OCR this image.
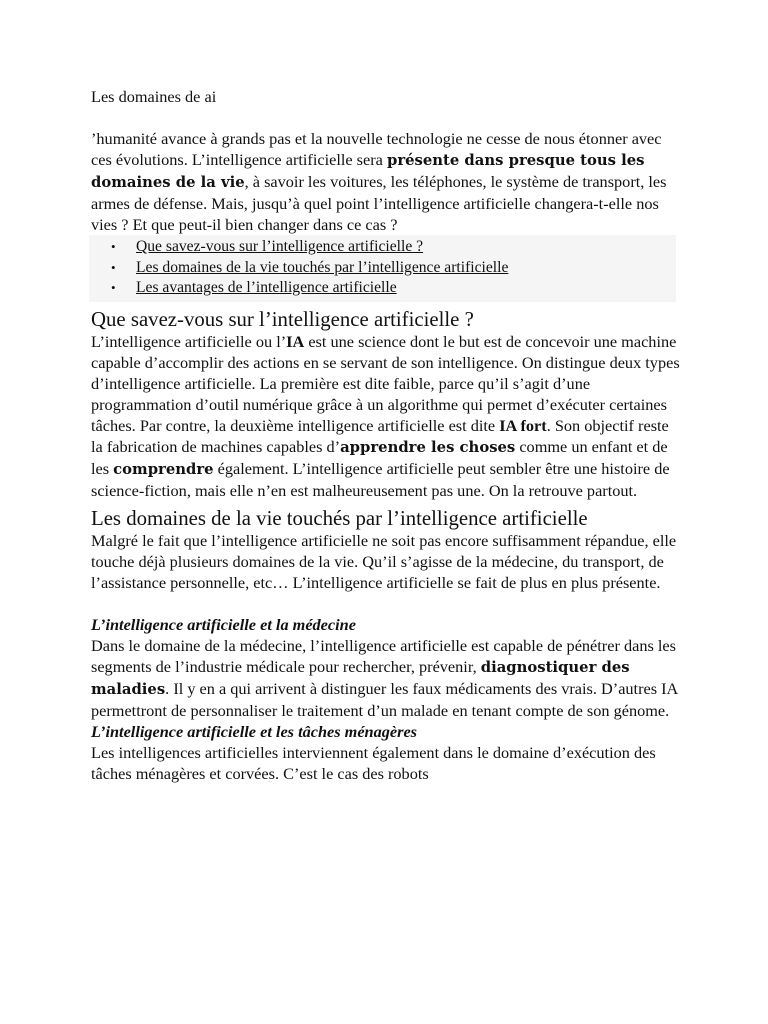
Les domaines de ai

’humanité avance à grands pas et la nouvelle technologie ne cesse de nous étonner avec ces évolutions. L’intelligence artificielle sera présente dans presque tous les domaines de la vie, à savoir les voitures, les téléphones, le système de transport, les armes de défense. Mais, jusqu’à quel point l’intelligence artificielle changera-t-elle nos vies ? Et que peut-il bien changer dans ce cas ?

• Que savez-vous sur l’intelligence artificielle ?
• Les domaines de la vie touchés par l’intelligence artificielle
• Les avantages de l’intelligence artificielle
Que savez-vous sur l’intelligence artificielle ?

L’intelligence artificielle ou l’IA est une science dont le but est de concevoir une machine capable d’accomplir des actions en se servant de son intelligence. On distingue deux types d’intelligence artificielle. La première est dite faible, parce qu’il s’agit d’une programmation d’outil numérique grâce à un algorithme qui permet d’exécuter certaines tâches. Par contre, la deuxième intelligence artificielle est dite IA fort. Son objectif reste la fabrication de machines capables d’apprendre les choses comme un enfant et de les comprendre également. L’intelligence artificielle peut sembler être une histoire de science-fiction, mais elle n’en est malheureusement pas une. On la retrouve partout.

Les domaines de la vie touchés par l’intelligence artificielle

Malgré le fait que l’intelligence artificielle ne soit pas encore suffisamment répandue, elle touche déjà plusieurs domaines de la vie. Qu’il s’agisse de la médecine, du transport, de l’assistance personnelle, etc… L’intelligence artificielle se fait de plus en plus présente.

L’intelligence artificielle et la médecine

Dans le domaine de la médecine, l’intelligence artificielle est capable de pénétrer dans les segments de l’industrie médicale pour rechercher, prévenir, diagnostiquer des maladies. Il y en a qui arrivent à distinguer les faux médicaments des vrais. D’autres IA permettront de personnaliser le traitement d’un malade en tenant compte de son génome.

L’intelligence artificielle et les tâches ménagères

Les intelligences artificielles interviennent également dans le domaine d’exécution des tâches ménagères et corvées. C’est le cas des robots
